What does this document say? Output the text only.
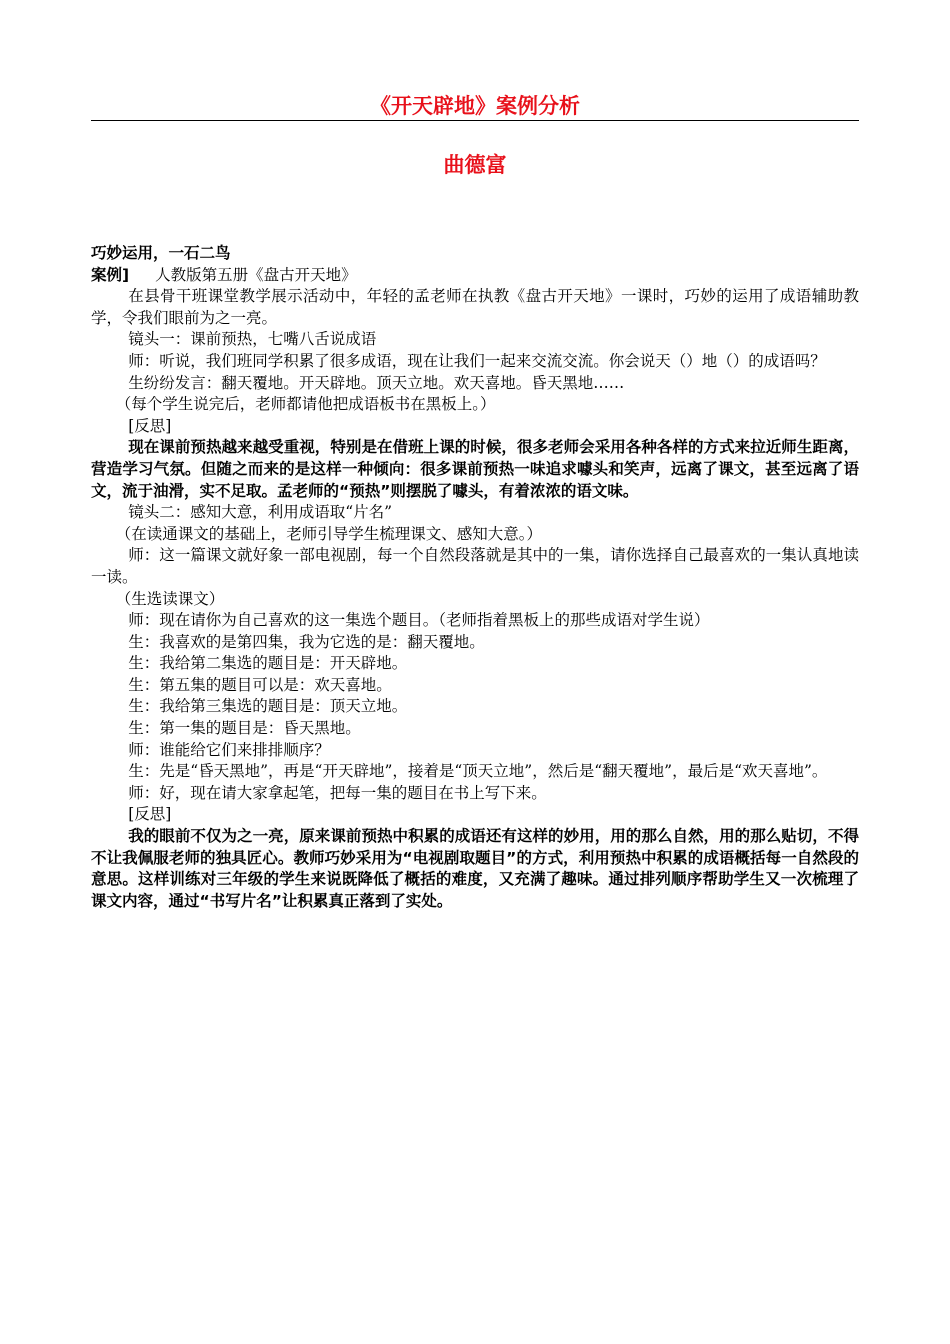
《开天辟地》案例分析
曲德富

巧妙运用，一石二鸟

案例] 人教版第五册《盘古开天地》

在县骨干班课堂教学展示活动中，年轻的孟老师在执教《盘古开天地》一课时，巧妙的运用了成语辅助教学，令我们眼前为之一亮。

镜头一：课前预热，七嘴八舌说成语

师：听说，我们班同学积累了很多成语，现在让我们一起来交流交流。你会说天（）地（）的成语吗？

生纷纷发言：翻天覆地。开天辟地。顶天立地。欢天喜地。昏天黑地……

（每个学生说完后，老师都请他把成语板书在黑板上。）

[反思]

现在课前预热越来越受重视，特别是在借班上课的时候，很多老师会采用各种各样的方式来拉近师生距离，营造学习气氛。但随之而来的是这样一种倾向：很多课前预热一味追求噱头和笑声，远离了课文，甚至远离了语文，流于油滑，实不足取。孟老师的“预热”则摆脱了噱头，有着浓浓的语文味。

镜头二：感知大意，利用成语取“片名”

（在读通课文的基础上，老师引导学生梳理课文、感知大意。）

师：这一篇课文就好象一部电视剧，每一个自然段落就是其中的一集，请你选择自己最喜欢的一集认真地读一读。

（生选读课文）

师：现在请你为自己喜欢的这一集选个题目。（老师指着黑板上的那些成语对学生说）

生：我喜欢的是第四集，我为它选的是：翻天覆地。

生：我给第二集选的题目是：开天辟地。

生：第五集的题目可以是：欢天喜地。

生：我给第三集选的题目是：顶天立地。

生：第一集的题目是：昏天黑地。

师：谁能给它们来排排顺序？

生：先是“昏天黑地”，再是“开天辟地”，接着是“顶天立地”，然后是“翻天覆地”，最后是“欢天喜地”。

师：好，现在请大家拿起笔，把每一集的题目在书上写下来。

[反思]

我的眼前不仅为之一亮，原来课前预热中积累的成语还有这样的妙用，用的那么自然，用的那么贴切，不得不让我佩服老师的独具匠心。教师巧妙采用为“电视剧取题目”的方式，利用预热中积累的成语概括每一自然段的意思。这样训练对三年级的学生来说既降低了概括的难度，又充满了趣味。通过排列顺序帮助学生又一次梳理了课文内容，通过“书写片名”让积累真正落到了实处。
